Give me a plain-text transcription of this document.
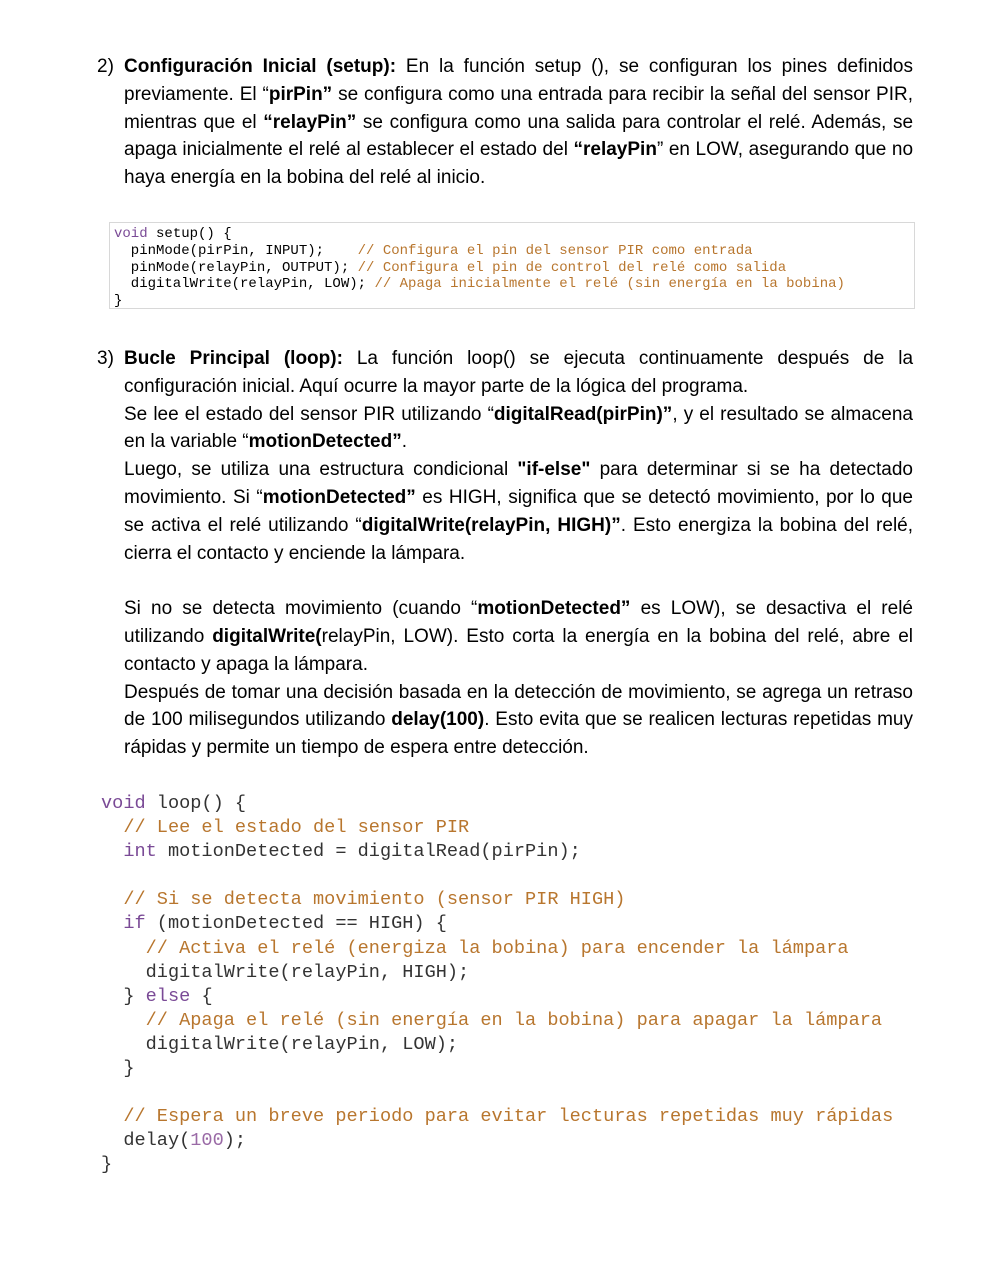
2) Configuración Inicial (setup): En la función setup (), se configuran los pines definidos previamente. El “pirPin” se configura como una entrada para recibir la señal del sensor PIR, mientras que el “relayPin” se configura como una salida para controlar el relé. Además, se apaga inicialmente el relé al establecer el estado del “relayPin” en LOW, asegurando que no haya energía en la bobina del relé al inicio.

void setup() {
pinMode(pirPin, INPUT);    // Configura el pin del sensor PIR como entrada
pinMode(relayPin, OUTPUT); // Configura el pin de control del relé como salida
digitalWrite(relayPin, LOW); // Apaga inicialmente el relé (sin energía en la bobina)
}
3) Bucle Principal (loop): La función loop() se ejecuta continuamente después de la configuración inicial. Aquí ocurre la mayor parte de la lógica del programa.

Se lee el estado del sensor PIR utilizando “digitalRead(pirPin)”, y el resultado se almacena en la variable “motionDetected”.

Luego, se utiliza una estructura condicional "if-else" para determinar si se ha detectado movimiento. Si “motionDetected” es HIGH, significa que se detectó movimiento, por lo que se activa el relé utilizando “digitalWrite(relayPin, HIGH)”. Esto energiza la bobina del relé, cierra el contacto y enciende la lámpara.

Si no se detecta movimiento (cuando “motionDetected” es LOW), se desactiva el relé utilizando digitalWrite(relayPin, LOW). Esto corta la energía en la bobina del relé, abre el contacto y apaga la lámpara.

Después de tomar una decisión basada en la detección de movimiento, se agrega un retraso de 100 milisegundos utilizando delay(100). Esto evita que se realicen lecturas repetidas muy rápidas y permite un tiempo de espera entre detección.

void loop() {
// Lee el estado del sensor PIR
int motionDetected = digitalRead(pirPin);

// Si se detecta movimiento (sensor PIR HIGH)
if (motionDetected == HIGH) {
// Activa el relé (energiza la bobina) para encender la lámpara
digitalWrite(relayPin, HIGH);
} else {
// Apaga el relé (sin energía en la bobina) para apagar la lámpara
digitalWrite(relayPin, LOW);
}

// Espera un breve periodo para evitar lecturas repetidas muy rápidas
delay(100);
}
